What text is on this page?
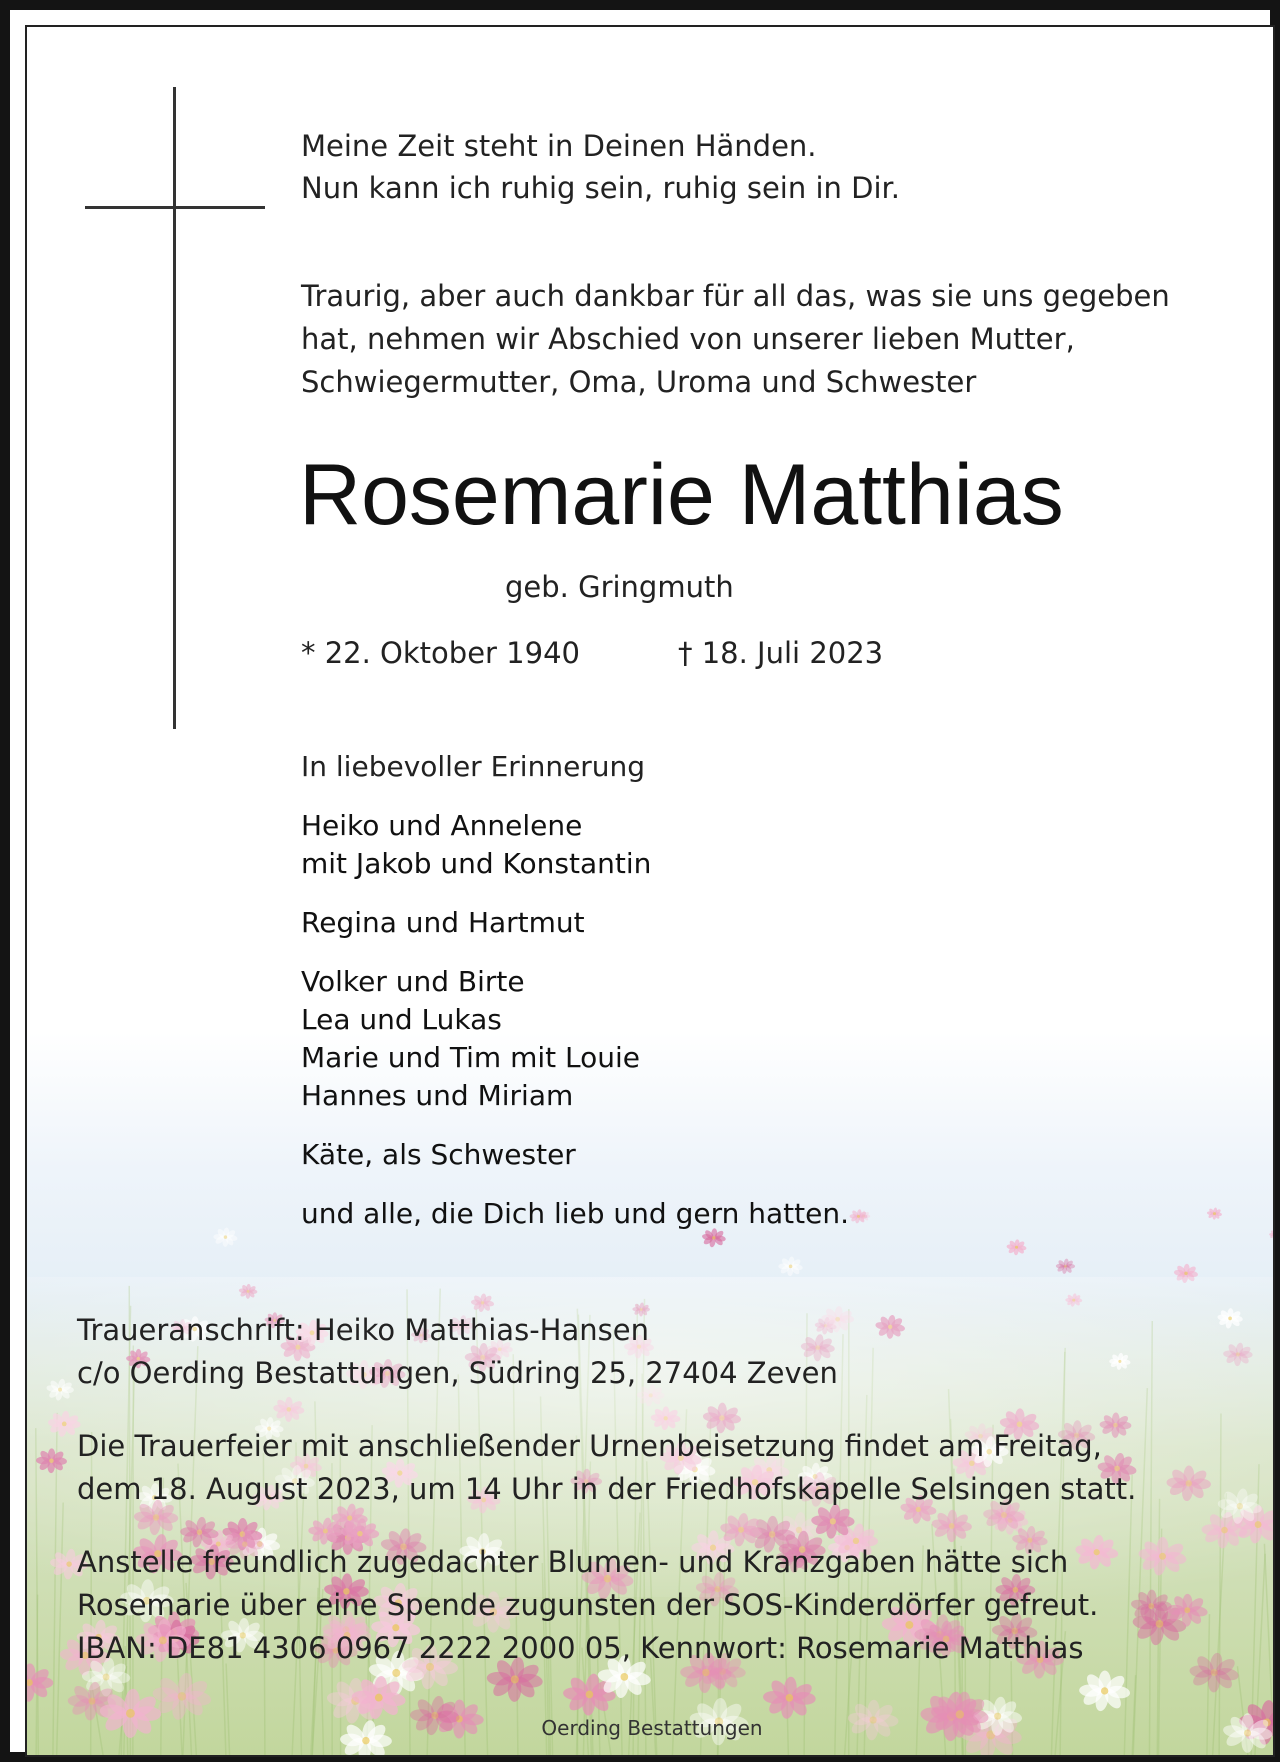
Meine Zeit steht in Deinen Händen.
Nun kann ich ruhig sein, ruhig sein in Dir.
Traurig, aber auch dankbar für all das, was sie uns gegeben
hat, nehmen wir Abschied von unserer lieben Mutter,
Schwiegermutter, Oma, Uroma und Schwester
Rosemarie Matthias
geb. Gringmuth
* 22. Oktober 1940	† 18. Juli 2023
In liebevoller Erinnerung
Heiko und Annelene
mit Jakob und Konstantin
Regina und Hartmut
Volker und Birte
Lea und Lukas
Marie und Tim mit Louie
Hannes und Miriam
Käte, als Schwester
und alle, die Dich lieb und gern hatten.
Traueranschrift: Heiko Matthias-Hansen
c/o Oerding Bestattungen, Südring 25, 27404 Zeven
Die Trauerfeier mit anschließender Urnenbeisetzung findet am Freitag,
dem 18. August 2023, um 14 Uhr in der Friedhofskapelle Selsingen statt.
Anstelle freundlich zugedachter Blumen- und Kranzgaben hätte sich
Rosemarie über eine Spende zugunsten der SOS-Kinderdörfer gefreut.
IBAN: DE81 4306 0967 2222 2000 05, Kennwort: Rosemarie Matthias
Oerding Bestattungen
